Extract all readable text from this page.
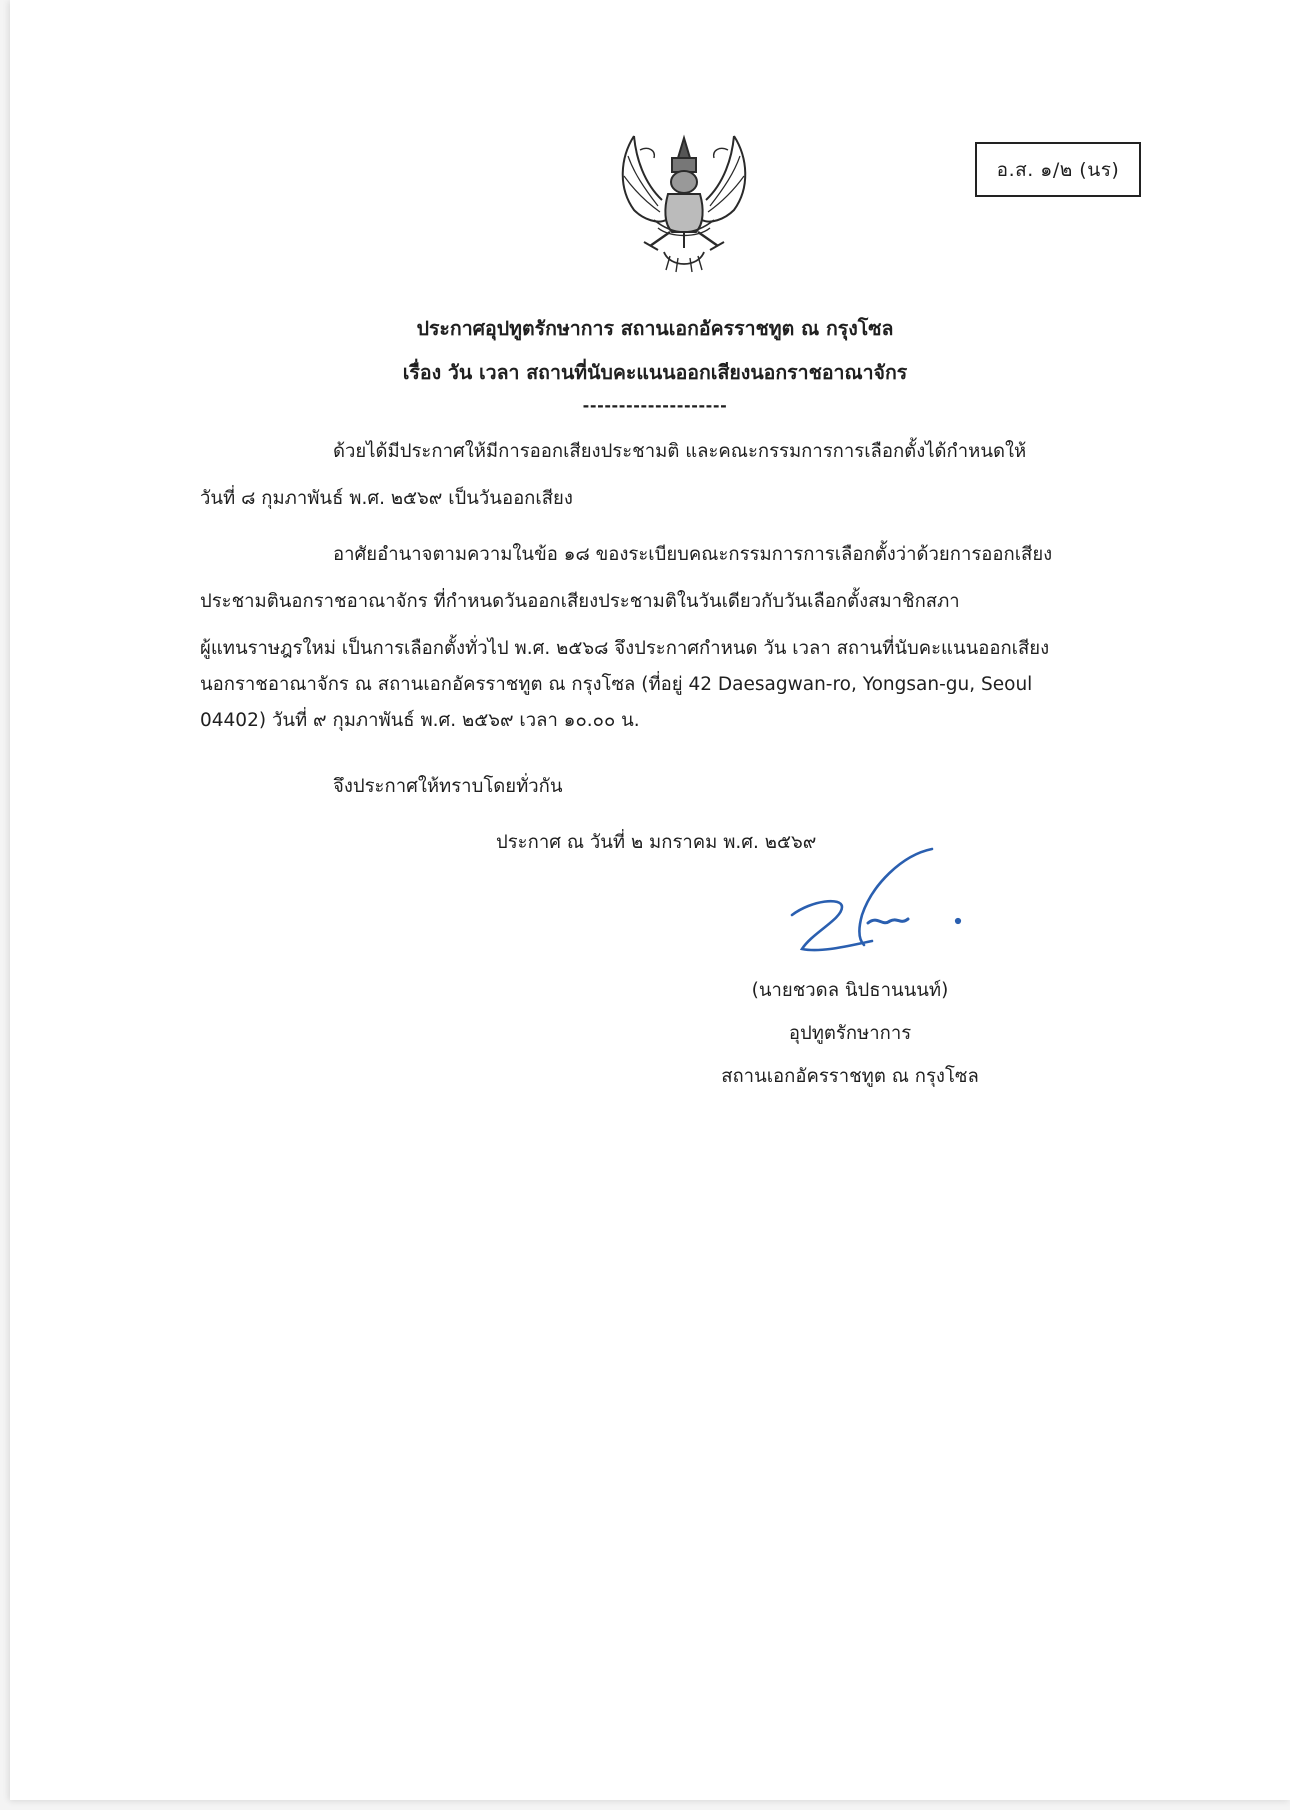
อ.ส. ๑/๒ (นร)
ประกาศอุปทูตรักษาการ สถานเอกอัครราชทูต ณ กรุงโซล
เรื่อง วัน เวลา สถานที่นับคะแนนออกเสียงนอกราชอาณาจักร
--------------------
ด้วยได้มีประกาศให้มีการออกเสียงประชามติ และคณะกรรมการการเลือกตั้งได้กำหนดให้
วันที่ ๘ กุมภาพันธ์ พ.ศ. ๒๕๖๙ เป็นวันออกเสียง
อาศัยอำนาจตามความในข้อ ๑๘ ของระเบียบคณะกรรมการการเลือกตั้งว่าด้วยการออกเสียง
ประชามตินอกราชอาณาจักร ที่กำหนดวันออกเสียงประชามติในวันเดียวกับวันเลือกตั้งสมาชิกสภา
ผู้แทนราษฎรใหม่ เป็นการเลือกตั้งทั่วไป พ.ศ. ๒๕๖๘ จึงประกาศกำหนด วัน เวลา สถานที่นับคะแนนออกเสียง
นอกราชอาณาจักร ณ สถานเอกอัครราชทูต ณ กรุงโซล (ที่อยู่ 42 Daesagwan-ro, Yongsan-gu, Seoul
04402) วันที่ ๙ กุมภาพันธ์ พ.ศ. ๒๕๖๙ เวลา ๑๐.๐๐ น.
จึงประกาศให้ทราบโดยทั่วกัน
ประกาศ ณ วันที่ ๒ มกราคม พ.ศ. ๒๕๖๙
(นายชวดล นิปธานนนท์)
อุปทูตรักษาการ
สถานเอกอัครราชทูต ณ กรุงโซล
